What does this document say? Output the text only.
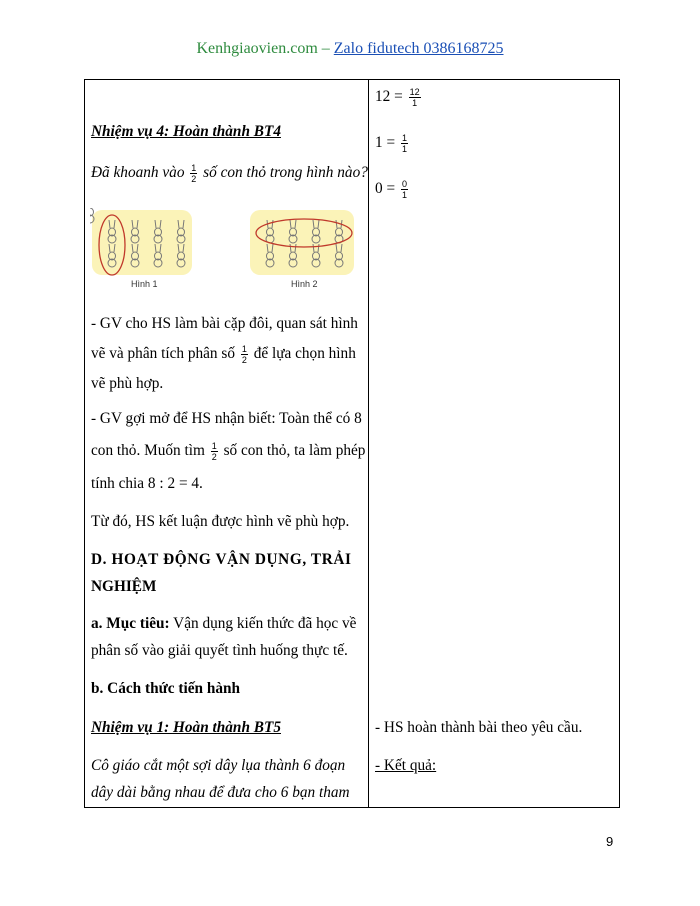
Kenhgiaovien.com – Zalo fidutech 0386168725
$12 = \frac{12}{1}$
$1 = \frac{1}{1}$
$0 = \frac{0}{1}$
- HS hoàn thành bài theo yêu cầu.
- Kết quả:
Nhiệm vụ 4: Hoàn thành BT4
Đã khoanh vào $\frac{1}{2}$ số con thỏ trong hình nào?
Hình 1	Hình 2
- GV cho HS làm bài cặp đôi, quan sát hình
vẽ và phân tích phân số $\frac{1}{2}$ để lựa chọn hình
vẽ phù hợp.
- GV gợi mở để HS nhận biết: Toàn thể có 8
con thỏ. Muốn tìm $\frac{1}{2}$ số con thỏ, ta làm phép
tính chia 8 : 2 = 4.
Từ đó, HS kết luận được hình vẽ phù hợp.
D. HOẠT ĐỘNG VẬN DỤNG, TRẢI
NGHIỆM
a. Mục tiêu: Vận dụng kiến thức đã học về
phân số vào giải quyết tình huống thực tế.
b. Cách thức tiến hành
Nhiệm vụ 1: Hoàn thành BT5
Cô giáo cắt một sợi dây lụa thành 6 đoạn
dây dài bằng nhau để đưa cho 6 bạn tham
9
